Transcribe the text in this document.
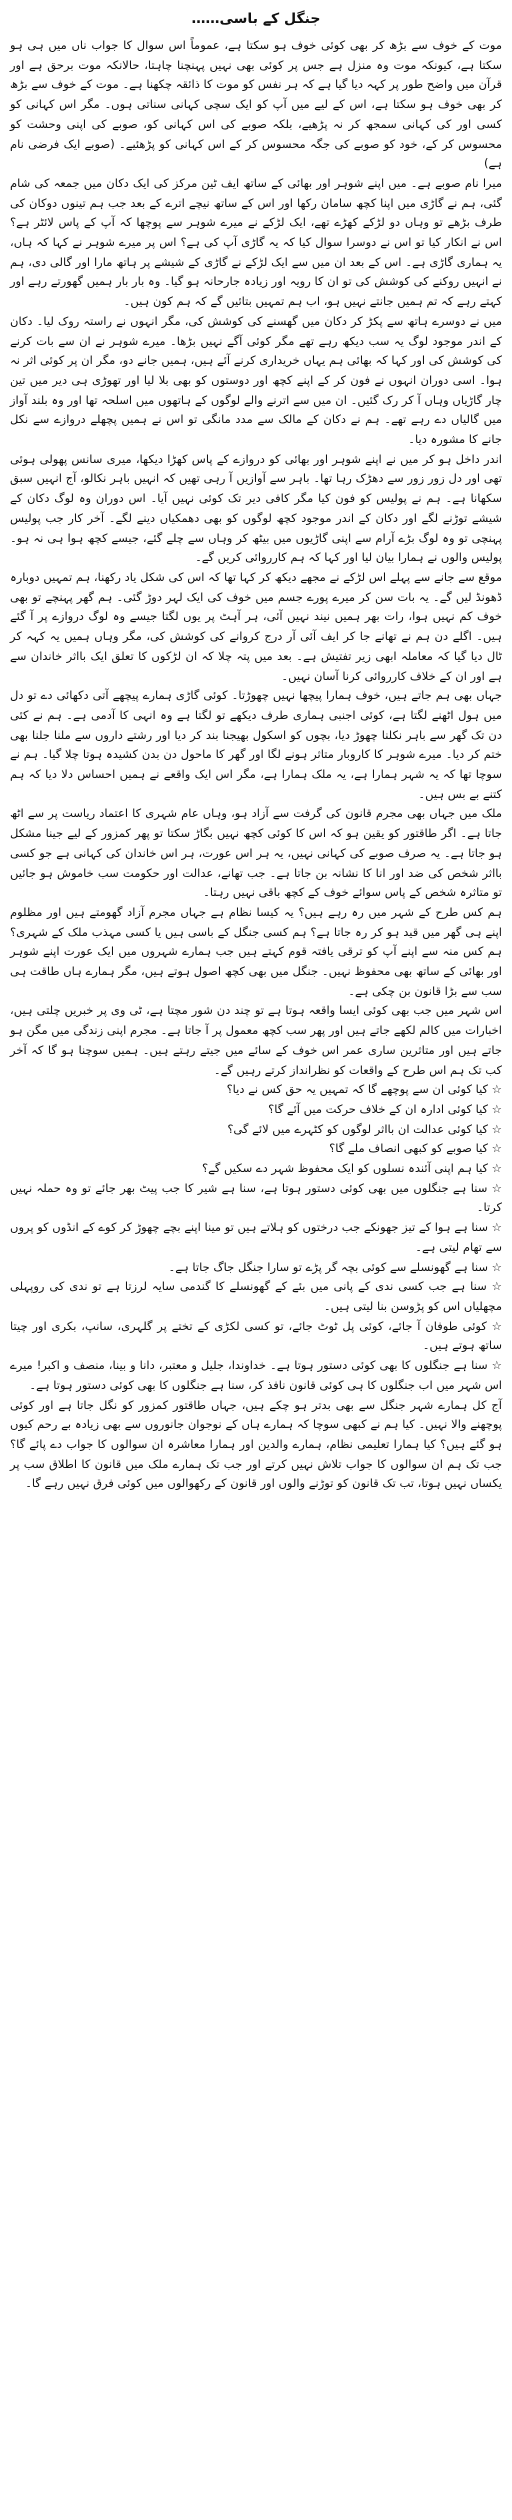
جنگل کے باسی……

موت کے خوف سے بڑھ کر بھی کوئی خوف ہو سکتا ہے، عموماً اس سوال کا جواب ناں میں ہی ہو سکتا ہے، کیونکہ موت وہ منزل ہے جس پر کوئی بھی نہیں پہنچنا چاہتا، حالانکہ موت برحق ہے اور قرآن میں واضح طور پر کہہ دیا گیا ہے کہ ہر نفس کو موت کا ذائقہ چکھنا ہے۔ موت کے خوف سے بڑھ کر بھی خوف ہو سکتا ہے، اس کے لیے میں آپ کو ایک سچی کہانی سناتی ہوں۔ مگر اس کہانی کو کسی اور کی کہانی سمجھ کر نہ پڑھیے، بلکہ صوبے کی اس کہانی کو، صوبے کی اپنی وحشت کو محسوس کر کے، خود کو صوبے کی جگہ محسوس کر کے اس کہانی کو پڑھئیے۔ (صوبے ایک فرضی نام ہے)

میرا نام صوبے ہے۔ میں اپنے شوہر اور بھائی کے ساتھ ایف ٹین مرکز کی ایک دکان میں جمعہ کی شام گئی، ہم نے گاڑی میں اپنا کچھ سامان رکھا اور اس کے ساتھ نیچے اترے کے بعد جب ہم تینوں دوکان کی طرف بڑھے تو وہاں دو لڑکے کھڑے تھے، ایک لڑکے نے میرے شوہر سے پوچھا کہ آپ کے پاس لائٹر ہے؟ اس نے انکار کیا تو اس نے دوسرا سوال کیا کہ یہ گاڑی آپ کی ہے؟ اس پر میرے شوہر نے کہا کہ ہاں، یہ ہماری گاڑی ہے۔ اس کے بعد ان میں سے ایک لڑکے نے گاڑی کے شیشے پر ہاتھ مارا اور گالی دی، ہم نے انہیں روکنے کی کوشش کی تو ان کا رویہ اور زیادہ جارحانہ ہو گیا۔ وہ بار بار ہمیں گھورتے رہے اور کہتے رہے کہ تم ہمیں جانتے نہیں ہو، اب ہم تمہیں بتائیں گے کہ ہم کون ہیں۔

میں نے دوسرے ہاتھ سے پکڑ کر دکان میں گھسنے کی کوشش کی، مگر انہوں نے راستہ روک لیا۔ دکان کے اندر موجود لوگ یہ سب دیکھ رہے تھے مگر کوئی آگے نہیں بڑھا۔ میرے شوہر نے ان سے بات کرنے کی کوشش کی اور کہا کہ بھائی ہم یہاں خریداری کرنے آئے ہیں، ہمیں جانے دو، مگر ان پر کوئی اثر نہ ہوا۔ اسی دوران انہوں نے فون کر کے اپنے کچھ اور دوستوں کو بھی بلا لیا اور تھوڑی ہی دیر میں تین چار گاڑیاں وہاں آ کر رک گئیں۔ ان میں سے اترنے والے لوگوں کے ہاتھوں میں اسلحہ تھا اور وہ بلند آواز میں گالیاں دے رہے تھے۔ ہم نے دکان کے مالک سے مدد مانگی تو اس نے ہمیں پچھلے دروازے سے نکل جانے کا مشورہ دیا۔

اندر داخل ہو کر میں نے اپنے شوہر اور بھائی کو دروازے کے پاس کھڑا دیکھا، میری سانس پھولی ہوئی تھی اور دل زور زور سے دھڑک رہا تھا۔ باہر سے آوازیں آ رہی تھیں کہ انہیں باہر نکالو، آج انہیں سبق سکھانا ہے۔ ہم نے پولیس کو فون کیا مگر کافی دیر تک کوئی نہیں آیا۔ اس دوران وہ لوگ دکان کے شیشے توڑنے لگے اور دکان کے اندر موجود کچھ لوگوں کو بھی دھمکیاں دینے لگے۔ آخر کار جب پولیس پہنچی تو وہ لوگ بڑے آرام سے اپنی گاڑیوں میں بیٹھ کر وہاں سے چلے گئے، جیسے کچھ ہوا ہی نہ ہو۔ پولیس والوں نے ہمارا بیان لیا اور کہا کہ ہم کارروائی کریں گے۔

موقع سے جانے سے پہلے اس لڑکے نے مجھے دیکھ کر کہا تھا کہ اس کی شکل یاد رکھنا، ہم تمہیں دوبارہ ڈھونڈ لیں گے۔ یہ بات سن کر میرے پورے جسم میں خوف کی ایک لہر دوڑ گئی۔ ہم گھر پہنچے تو بھی خوف کم نہیں ہوا، رات بھر ہمیں نیند نہیں آئی، ہر آہٹ پر یوں لگتا جیسے وہ لوگ دروازے پر آ گئے ہیں۔ اگلے دن ہم نے تھانے جا کر ایف آئی آر درج کروانے کی کوشش کی، مگر وہاں ہمیں یہ کہہ کر ٹال دیا گیا کہ معاملہ ابھی زیر تفتیش ہے۔ بعد میں پتہ چلا کہ ان لڑکوں کا تعلق ایک بااثر خاندان سے ہے اور ان کے خلاف کارروائی کرنا آسان نہیں۔

جہاں بھی ہم جاتے ہیں، خوف ہمارا پیچھا نہیں چھوڑتا۔ کوئی گاڑی ہمارے پیچھے آتی دکھائی دے تو دل میں ہول اٹھنے لگتا ہے، کوئی اجنبی ہماری طرف دیکھے تو لگتا ہے وہ انہی کا آدمی ہے۔ ہم نے کئی دن تک گھر سے باہر نکلنا چھوڑ دیا، بچوں کو اسکول بھیجنا بند کر دیا اور رشتے داروں سے ملنا جلنا بھی ختم کر دیا۔ میرے شوہر کا کاروبار متاثر ہونے لگا اور گھر کا ماحول دن بدن کشیدہ ہوتا چلا گیا۔ ہم نے سوچا تھا کہ یہ شہر ہمارا ہے، یہ ملک ہمارا ہے، مگر اس ایک واقعے نے ہمیں احساس دلا دیا کہ ہم کتنے بے بس ہیں۔

ملک میں جہاں بھی مجرم قانون کی گرفت سے آزاد ہو، وہاں عام شہری کا اعتماد ریاست پر سے اٹھ جاتا ہے۔ اگر طاقتور کو یقین ہو کہ اس کا کوئی کچھ نہیں بگاڑ سکتا تو پھر کمزور کے لیے جینا مشکل ہو جاتا ہے۔ یہ صرف صوبے کی کہانی نہیں، یہ ہر اس عورت، ہر اس خاندان کی کہانی ہے جو کسی بااثر شخص کی ضد اور انا کا نشانہ بن جاتا ہے۔ جب تھانے، عدالت اور حکومت سب خاموش ہو جائیں تو متاثرہ شخص کے پاس سوائے خوف کے کچھ باقی نہیں رہتا۔

ہم کس طرح کے شہر میں رہ رہے ہیں؟ یہ کیسا نظام ہے جہاں مجرم آزاد گھومتے ہیں اور مظلوم اپنے ہی گھر میں قید ہو کر رہ جاتا ہے؟ ہم کسی جنگل کے باسی ہیں یا کسی مہذب ملک کے شہری؟ ہم کس منہ سے اپنے آپ کو ترقی یافتہ قوم کہتے ہیں جب ہمارے شہروں میں ایک عورت اپنے شوہر اور بھائی کے ساتھ بھی محفوظ نہیں۔ جنگل میں بھی کچھ اصول ہوتے ہیں، مگر ہمارے ہاں طاقت ہی سب سے بڑا قانون بن چکی ہے۔

اس شہر میں جب بھی کوئی ایسا واقعہ ہوتا ہے تو چند دن شور مچتا ہے، ٹی وی پر خبریں چلتی ہیں، اخبارات میں کالم لکھے جاتے ہیں اور پھر سب کچھ معمول پر آ جاتا ہے۔ مجرم اپنی زندگی میں مگن ہو جاتے ہیں اور متاثرین ساری عمر اس خوف کے سائے میں جیتے رہتے ہیں۔ ہمیں سوچنا ہو گا کہ آخر کب تک ہم اس طرح کے واقعات کو نظرانداز کرتے رہیں گے۔

☆ کیا کوئی ان سے پوچھے گا کہ تمہیں یہ حق کس نے دیا؟

☆ کیا کوئی ادارہ ان کے خلاف حرکت میں آئے گا؟

☆ کیا کوئی عدالت ان بااثر لوگوں کو کٹہرے میں لائے گی؟

☆ کیا صوبے کو کبھی انصاف ملے گا؟

☆ کیا ہم اپنی آئندہ نسلوں کو ایک محفوظ شہر دے سکیں گے؟

☆ سنا ہے جنگلوں میں بھی کوئی دستور ہوتا ہے، سنا ہے شیر کا جب پیٹ بھر جائے تو وہ حملہ نہیں کرتا۔

☆ سنا ہے ہوا کے تیز جھونکے جب درختوں کو ہلاتے ہیں تو مینا اپنے بچے چھوڑ کر کوے کے انڈوں کو پروں سے تھام لیتی ہے۔

☆ سنا ہے گھونسلے سے کوئی بچہ گر پڑے تو سارا جنگل جاگ جاتا ہے۔

☆ سنا ہے جب کسی ندی کے پانی میں بئے کے گھونسلے کا گندمی سایہ لرزتا ہے تو ندی کی روپہلی مچھلیاں اس کو پڑوسن بنا لیتی ہیں۔

☆ کوئی طوفان آ جائے، کوئی پل ٹوٹ جائے، تو کسی لکڑی کے تختے پر گلہری، سانپ، بکری اور چیتا ساتھ ہوتے ہیں۔

☆ سنا ہے جنگلوں کا بھی کوئی دستور ہوتا ہے۔ خداوندا، جلیل و معتبر، دانا و بینا، منصف و اکبر! میرے اس شہر میں اب جنگلوں کا ہی کوئی قانون نافذ کر، سنا ہے جنگلوں کا بھی کوئی دستور ہوتا ہے۔

آج کل ہمارے شہر جنگل سے بھی بدتر ہو چکے ہیں، جہاں طاقتور کمزور کو نگل جاتا ہے اور کوئی پوچھنے والا نہیں۔ کیا ہم نے کبھی سوچا کہ ہمارے ہاں کے نوجوان جانوروں سے بھی زیادہ بے رحم کیوں ہو گئے ہیں؟ کیا ہمارا تعلیمی نظام، ہمارے والدین اور ہمارا معاشرہ ان سوالوں کا جواب دے پائے گا؟ جب تک ہم ان سوالوں کا جواب تلاش نہیں کرتے اور جب تک ہمارے ملک میں قانون کا اطلاق سب پر یکساں نہیں ہوتا، تب تک قانون کو توڑنے والوں اور قانون کے رکھوالوں میں کوئی فرق نہیں رہے گا۔
